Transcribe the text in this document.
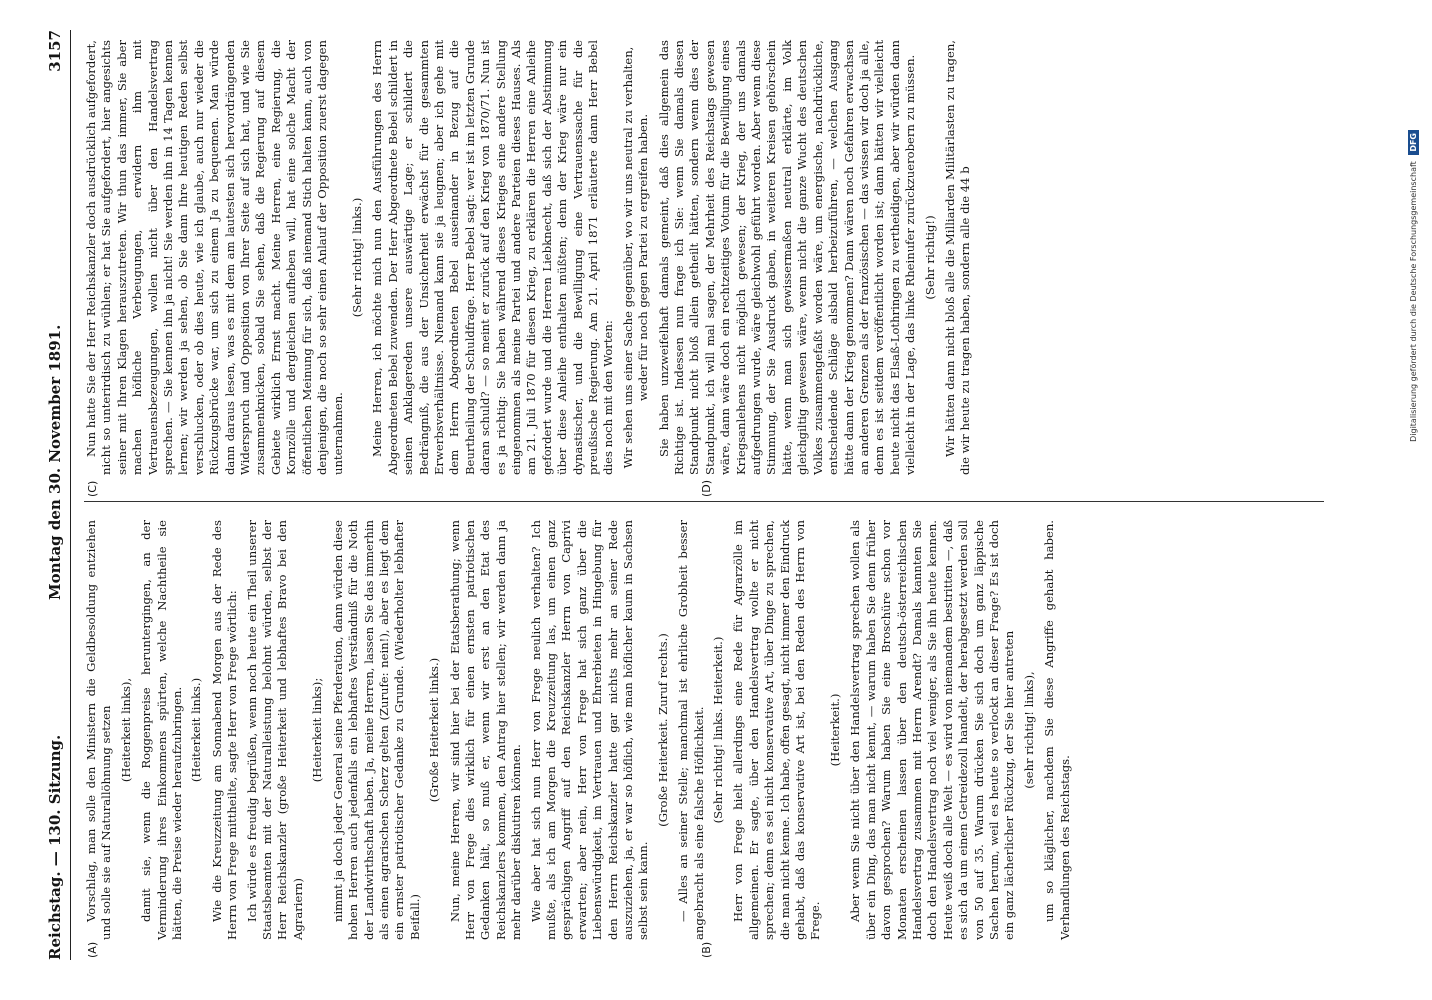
Reichstag. — 130. Sitzung.
Montag den 30. November 1891.
3157
(A)	(B)
(C)	(D)
Vorschlag, man solle den Ministern die Geldbesoldung entziehen und solle sie auf Naturallöhnung setzen (Heiterkeit links), damit sie, wenn die Roggenpreise heruntergingen, an der Verminderung ihres Einkommens spürten, welche Nachtheile sie hätten, die Preise wieder heraufzubringen. (Heiterkeit links.) Wie die Kreuzzeitung am Sonnabend Morgen aus der Rede des Herrn von Frege mittheilte, sagte Herr von Frege wörtlich: Ich würde es freudig begrüßen, wenn noch heute ein Theil unserer Staatsbeamten mit der Naturalleistung belohnt würden, selbst der Herr Reichskanzler (große Heiterkeit und lebhaftes Bravo bei den Agrariern)
(Heiterkeit links); nimmt ja doch jeder General seine Pferderation, dann würden diese hohen Herren auch jedenfalls ein lebhaftes Verständniß für die Noth der Landwirthschaft haben. Ja, meine Herren, lassen Sie das immerhin als einen agrarischen Scherz gelten (Zurufe: nein!), aber es liegt dem ein ernster patriotischer Gedanke zu Grunde. (Wiederholter lebhafter Beifall.)
(Große Heiterkeit links.) Nun, meine Herren, wir sind hier bei der Etatsberathung; wenn Herr von Frege dies wirklich für einen ernsten patriotischen Gedanken hält, so muß er, wenn wir erst an den Etat des Reichskanzlers kommen, den Antrag hier stellen; wir werden dann ja mehr darüber diskutiren können. Wie aber hat sich nun Herr von Frege neulich verhalten? Ich mußte, als ich am Morgen die Kreuzzeitung las, um einen ganz gesprächigen Angriff auf den Reichskanzler Herrn von Caprivi erwarten; aber nein, Herr von Frege hat sich ganz über die Liebenswürdigkeit, im Vertrauen und Ehrerbieten in Hingebung für den Herrn Reichskanzler hatte gar nichts mehr an seiner Rede auszuziehen, ja, er war so höflich, wie man höflicher kaum in Sachsen selbst sein kann.
(Große Heiterkeit. Zuruf rechts.) — Alles an seiner Stelle; manchmal ist ehrliche Grobheit besser angebracht als eine falsche Höflichkeit. (Sehr richtig! links. Heiterkeit.) Herr von Frege hielt allerdings eine Rede für Agrarzölle im allgemeinen. Er sagte, über den Handelsvertrag wollte er nicht sprechen; denn es sei nicht konservative Art, über Dinge zu sprechen, die man nicht kenne. Ich habe, offen gesagt, nicht immer den Eindruck gehabt, daß das konservative Art ist, bei den Reden des Herrn von Frege.
(Heiterkeit.) Aber wenn Sie nicht über den Handelsvertrag sprechen wollen als über ein Ding, das man nicht kennt, — warum haben Sie denn früher davon gesprochen? Warum haben Sie eine Broschüre schon vor Monaten erscheinen lassen über den deutsch-österreichischen Handelsvertrag zusammen mit Herrn Arendt? Damals kannten Sie doch den Handelsvertrag noch viel weniger, als Sie ihn heute kennen. Heute weiß doch alle Welt — es wird von niemandem bestritten —, daß es sich da um einen Getreidezoll handelt, der herabgesetzt werden soll von 50 auf 35. Warum drücken Sie sich doch um ganz läppische Sachen herum, weil es heute so verlockt an dieser Frage? Es ist doch ein ganz lächerlicher Rückzug, der Sie hier antreten (sehr richtig! links), um so kläglicher, nachdem Sie diese Angriffe gehabt haben. Verhandlungen des Reichstags.
Nun hatte Sie der Herr Reichskanzler doch ausdrücklich aufgefordert, nicht so unterirdisch zu wühlen; er hat Sie aufgefordert, hier angesichts seiner mit Ihren Klagen herauszutreten. Wir thun das immer, Sie aber machen höfliche Verbeugungen, erwidern ihm mit Vertrauensbezeugungen, wollen nicht über den Handelsvertrag sprechen. — Sie kennen ihn ja nicht! Sie werden ihn in 14 Tagen kennen lernen; wir werden ja sehen, ob Sie dann Ihre heutigen Reden selbst verschlucken, oder ob dies heute, wie ich glaube, auch nur wieder die Rückzugsbrücke war, um sich zu einem Ja zu bequemen. Man würde dann daraus lesen, was es mit dem am lautesten sich hervordrängenden Widerspruch und Opposition von Ihrer Seite auf sich hat, und wie Sie zusammenknicken, sobald Sie sehen, daß die Regierung auf diesem Gebiete wirklich Ernst macht. Meine Herren, eine Regierung, die Kornzölle und dergleichen aufheben will, hat eine solche Macht der öffentlichen Meinung für sich, daß niemand Stich halten kann, auch von denjenigen, die noch so sehr einen Anlauf der Opposition zuerst dagegen unternahmen.
(Sehr richtig! links.) Meine Herren, ich möchte mich nun den Ausführungen des Herrn Abgeordneten Bebel zuwenden. Der Herr Abgeordnete Bebel schildert in seinen Anklagereden unsere auswärtige Lage; er schildert die Bedrängniß, die aus der Unsicherheit erwächst für die gesammten Erwerbsverhältnisse. Niemand kann sie ja leugnen; aber ich gehe mit dem Herrn Abgeordneten Bebel auseinander in Bezug auf die Beurtheilung der Schuldfrage. Herr Bebel sagt: wer ist im letzten Grunde daran schuld? — so meint er zurück auf den Krieg von 1870/71. Nun ist es ja richtig: Sie haben während dieses Krieges eine andere Stellung eingenommen als meine Partei und andere Parteien dieses Hauses. Als am 21. Juli 1870 für diesen Krieg, zu erklären die Herren eine Anleihe gefordert wurde und die Herren Liebknecht, daß sich der Abstimmung über diese Anleihe enthalten müßten; denn der Krieg wäre nur ein dynastischer, und die Bewilligung eine Vertrauenssache für die preußische Regierung. Am 21. April 1871 erläuterte dann Herr Bebel dies noch mit den Worten: Wir sehen uns einer Sache gegenüber, wo wir uns neutral zu verhalten, weder für noch gegen Partei zu ergreifen haben. Sie haben unzweifelhaft damals gemeint, daß dies allgemein das Richtige ist. Indessen nun frage ich Sie: wenn Sie damals diesen Standpunkt nicht bloß allein getheilt hätten, sondern wenn dies der Standpunkt, ich will mal sagen, der Mehrheit des Reichstags gewesen wäre, dann wäre doch ein rechtzeitiges Votum für die Bewilligung eines Kriegsanlehens nicht möglich gewesen; der Krieg, der uns damals aufgedrungen wurde, wäre gleichwohl geführt worden. Aber wenn diese Stimmung, der Sie Ausdruck gaben, in weiteren Kreisen gehörschein hätte, wenn man sich gewissermaßen neutral erklärte, im Volk gleichgiltig gewesen wäre, wenn nicht die ganze Wucht des deutschen Volkes zusammengefaßt worden wäre, um energische, nachdrückliche, entscheidende Schläge alsbald herbeizuführen, — welchen Ausgang hätte dann der Krieg genommen? Dann wären noch Gefahren erwachsen an anderen Grenzen als der französischen — das wissen wir doch ja alle, denn es ist seitdem veröffentlicht worden ist; dann hätten wir vielleicht heute nicht das Elsaß-Lothringen zu vertheidigen, aber wir würden dann vielleicht in der Lage, das linke Rheinufer zurückzuerobern zu müssen. (Sehr richtig!) Wir hätten dann nicht bloß alle die Milliarden Militärlasten zu tragen, die wir heute zu tragen haben, sondern alle die 44 b	Digitalisierung gefördert durch die Deutsche Forschungsgemeinschaft DFG
